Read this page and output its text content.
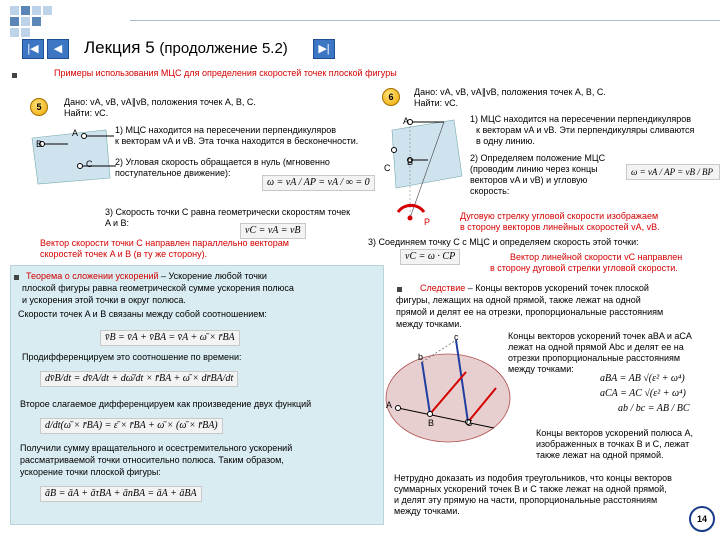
|◀	◀	Лекция 5 (продолжение 5.2)	▶|
Примеры использования МЦС для определения скоростей точек плоской фигуры
5	Дано: vA, vB, vA∥vB, положения точек A, B, C.
Найти: vC.
A
B
C
1) МЦС находится на пересечении перпендикуляров
к векторам vA и vB. Эта точка находится в бесконечности.
2) Угловая скорость обращается в нуль (мгновенно
поступательное движение):
ω = vA / AP = vA / ∞ = 0
3) Скорость точки C равна геометрически скоростям точек
A и B:
vC = vA = vB
Вектор скорости точки C направлен параллельно векторам
скоростей точек A и B (в ту же сторону).
6	Дано: vA, vB, vA∥vB, положения точек A, B, C.
Найти: vC.
A
B
C
P
1) МЦС находится на пересечении перпендикуляров
к векторам vA и vB. Эти перпендикуляры сливаются
в одну линию.
ω = vA / AP = vB / BP
2) Определяем положение МЦС
(проводим линию через концы
векторов vA и vB) и угловую
скорость:
Дуговую стрелку угловой скорости изображаем
в сторону векторов линейных скоростей vA, vB.
3) Соединяем точку C с МЦС и определяем скорость этой точки:
vC = ω · CP	Вектор линейной скорости vC направлен
в сторону дуговой стрелки угловой скорости.
Теорема о сложении ускорений – Ускорение любой точки
плоской фигуры равна геометрической сумме ускорения полюса
и ускорения этой точки в округ полюса.
Скорости точек A и B связаны между собой соотношением:
v̄B = v̄A + v̄BA = v̄A + ω̄ × r̄BA
Продифференцируем это соотношение по времени:
dv̄B/dt = dv̄A/dt + dω̄/dt × r̄BA + ω̄ × dr̄BA/dt
Второе слагаемое дифференцируем как произведение двух функций
d/dt(ω̄ × r̄BA) = ε̄ × r̄BA + ω̄ × (ω̄ × r̄BA)
Получили сумму вращательного и осестремительного ускорений
рассматриваемой точки относительно полюса. Таким образом,
ускорение точки плоской фигуры:
āB = āA + āτBA + ānBA = āA + āBA
Следствие – Концы векторов ускорений точек плоской
фигуры, лежащих на одной прямой, также лежат на одной
прямой и делят ее на отрезки, пропорциональные расстояниям
между точками.
A
B	C
b
c	Концы векторов ускорений точек aBA и aCA
лежат на одной прямой Abc и делят ее на
отрезки пропорциональные расстояниям
между точками:
aBA = AB √(ε² + ω⁴)
aCA = AC √(ε² + ω⁴)
ab / bc = AB / BC
Концы векторов ускорений полюса A,
изображенных в точках B и C, лежат
также лежат на одной прямой.
Нетрудно доказать из подобия треугольников, что концы векторов
суммарных ускорений точек B и C также лежат на одной прямой,
и делят эту прямую на части, пропорциональные расстояниям
между точками.
14
